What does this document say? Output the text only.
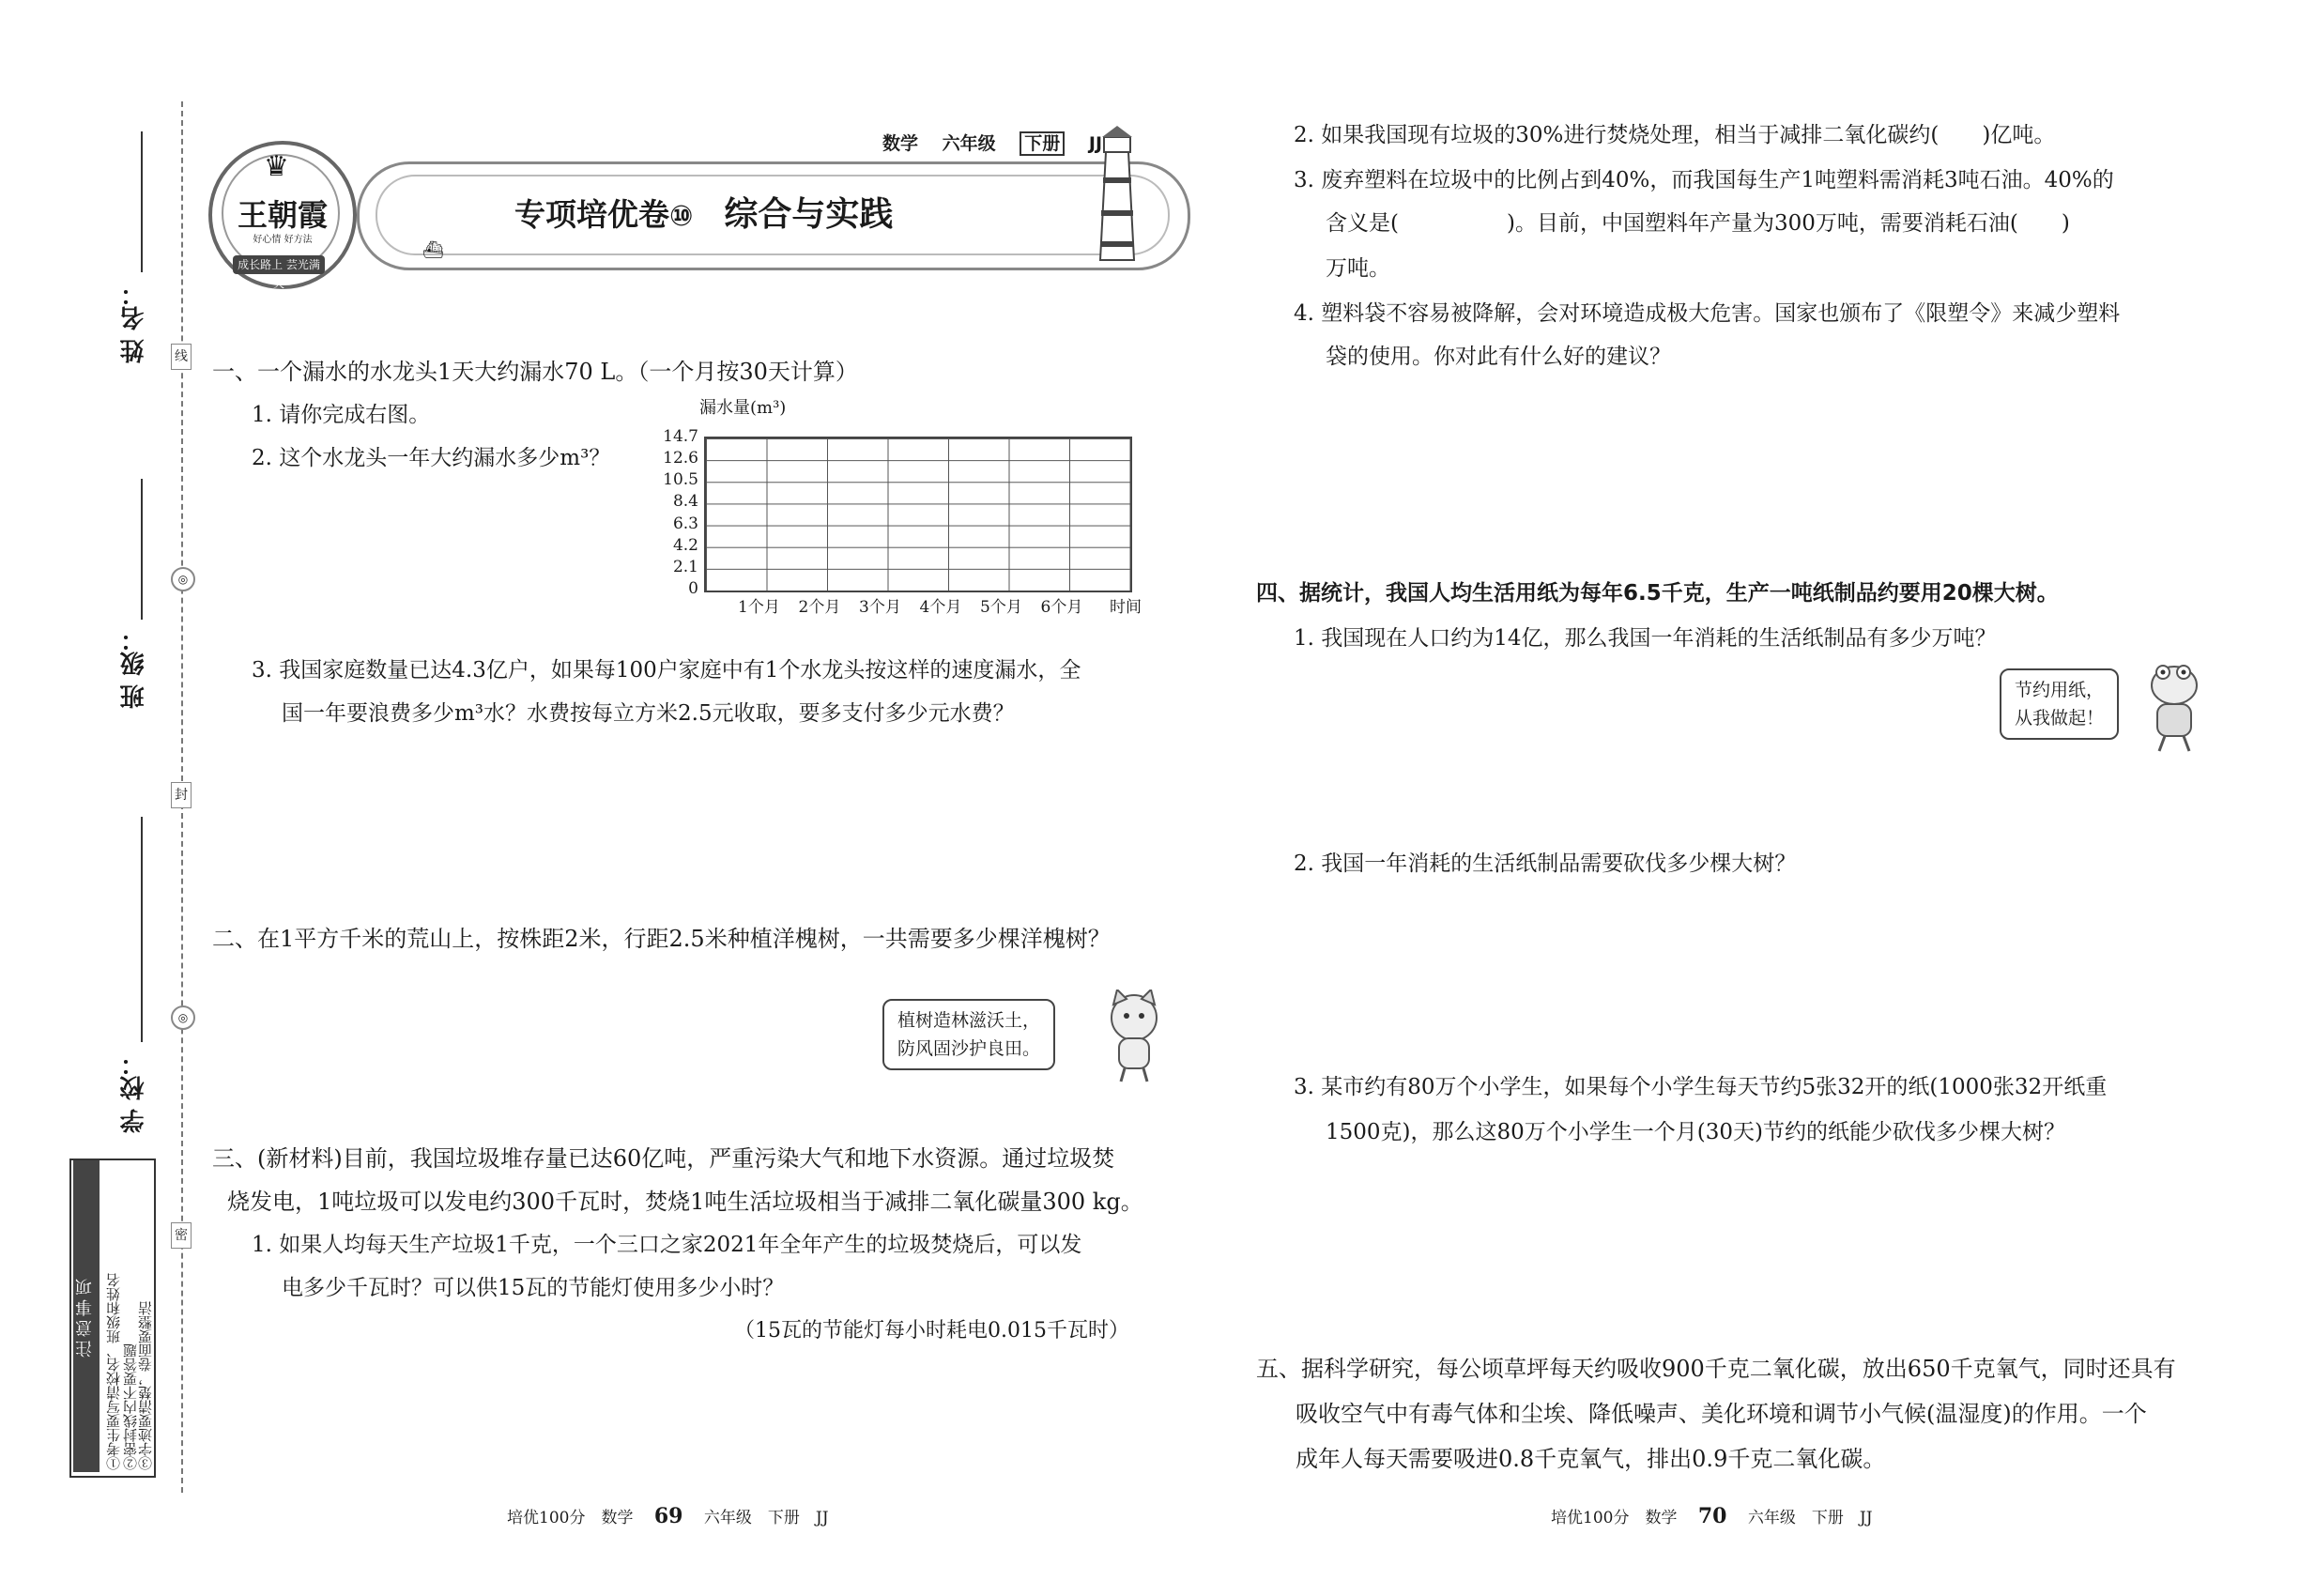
线
◎
封
◎
密
姓 名：
班 级：
学 校：
注意事项 ①考生要写清校名、班级和姓名 ②密封线内不要答题
③字迹要清楚，卷面要整洁
王朝霞
好心情 好方法
♛
成长路上 芸光满天
数学　 六年级　 下册　 JJ
专项培优卷⑩　 综合与实践
⛴
一、一个漏水的水龙头1天大约漏水70 L。（一个月按30天计算）
1. 请你完成右图。
2. 这个水龙头一年大约漏水多少m³？
漏水量(m³)
14.7
12.6
10.5
8.4
6.3
4.2
2.1
0
1个月 2个月 3个月 4个月 5个月 6个月 时间
3. 我国家庭数量已达4.3亿户，如果每100户家庭中有1个水龙头按这样的速度漏水，全
国一年要浪费多少m³水？水费按每立方米2.5元收取，要多支付多少元水费？
二、在1平方千米的荒山上，按株距2米，行距2.5米种植洋槐树，一共需要多少棵洋槐树？
植树造林滋沃土，
防风固沙护良田。
三、(新材料)目前，我国垃圾堆存量已达60亿吨，严重污染大气和地下水资源。通过垃圾焚
烧发电，1吨垃圾可以发电约300千瓦时，焚烧1吨生活垃圾相当于减排二氧化碳量300 kg。
1. 如果人均每天生产垃圾1千克，一个三口之家2021年全年产生的垃圾焚烧后，可以发
电多少千瓦时？可以供15瓦的节能灯使用多少小时？
（15瓦的节能灯每小时耗电0.015千瓦时）
培优100分　 数学　 69　 六年级　 下册　 JJ
2. 如果我国现有垃圾的30%进行焚烧处理，相当于减排二氧化碳约(　　)亿吨。
3. 废弃塑料在垃圾中的比例占到40%，而我国每生产1吨塑料需消耗3吨石油。40%的
含义是(　　　　　)。目前，中国塑料年产量为300万吨，需要消耗石油(　　)
万吨。
4. 塑料袋不容易被降解，会对环境造成极大危害。国家也颁布了《限塑令》来减少塑料
袋的使用。你对此有什么好的建议？
四、据统计，我国人均生活用纸为每年6.5千克，生产一吨纸制品约要用20棵大树。
1. 我国现在人口约为14亿，那么我国一年消耗的生活纸制品有多少万吨？
节约用纸，
从我做起！
2. 我国一年消耗的生活纸制品需要砍伐多少棵大树？
3. 某市约有80万个小学生，如果每个小学生每天节约5张32开的纸(1000张32开纸重
1500克)，那么这80万个小学生一个月(30天)节约的纸能少砍伐多少棵大树？
五、据科学研究，每公顷草坪每天约吸收900千克二氧化碳，放出650千克氧气，同时还具有
吸收空气中有毒气体和尘埃、降低噪声、美化环境和调节小气候(温湿度)的作用。一个
成年人每天需要吸进0.8千克氧气，排出0.9千克二氧化碳。
培优100分　 数学　 70　 六年级　 下册　 JJ
